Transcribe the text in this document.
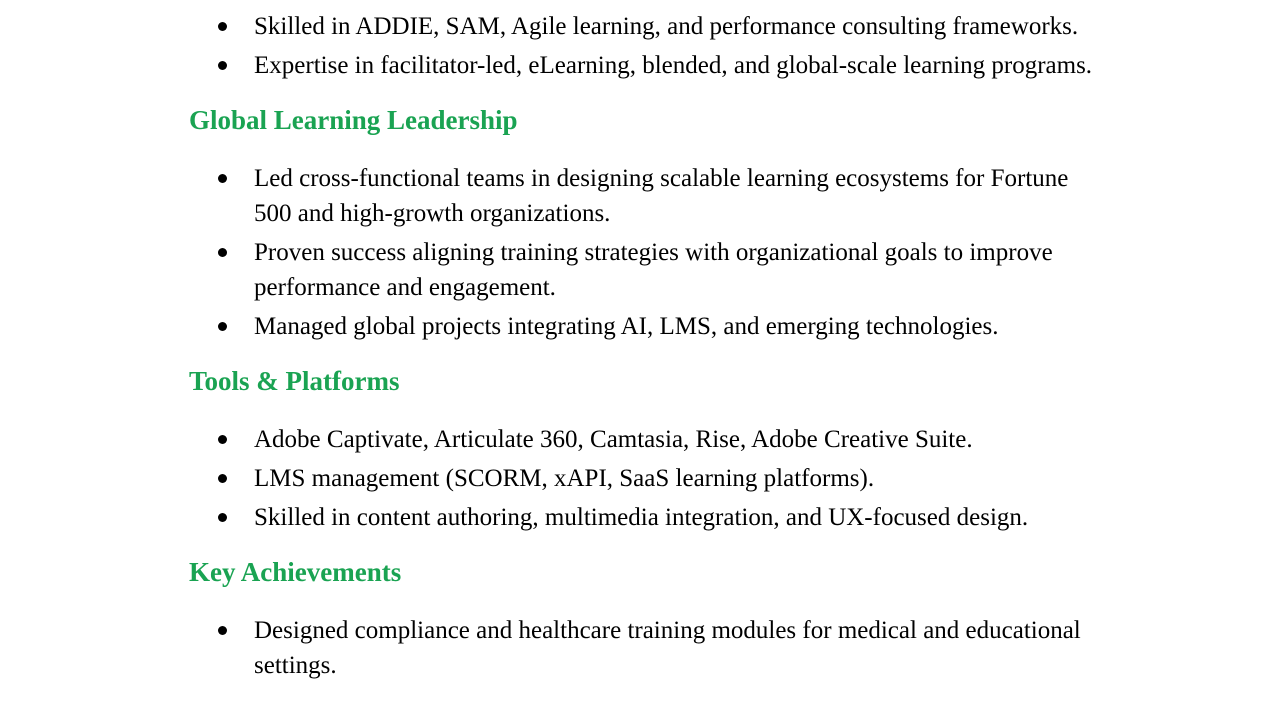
Skilled in ADDIE, SAM, Agile learning, and performance consulting frameworks.
Expertise in facilitator-led, eLearning, blended, and global-scale learning programs.
Global Learning Leadership
Led cross-functional teams in designing scalable learning ecosystems for Fortune 500 and high-growth organizations.
Proven success aligning training strategies with organizational goals to improve performance and engagement.
Managed global projects integrating AI, LMS, and emerging technologies.
Tools & Platforms
Adobe Captivate, Articulate 360, Camtasia, Rise, Adobe Creative Suite.
LMS management (SCORM, xAPI, SaaS learning platforms).
Skilled in content authoring, multimedia integration, and UX-focused design.
Key Achievements
Designed compliance and healthcare training modules for medical and educational settings.
